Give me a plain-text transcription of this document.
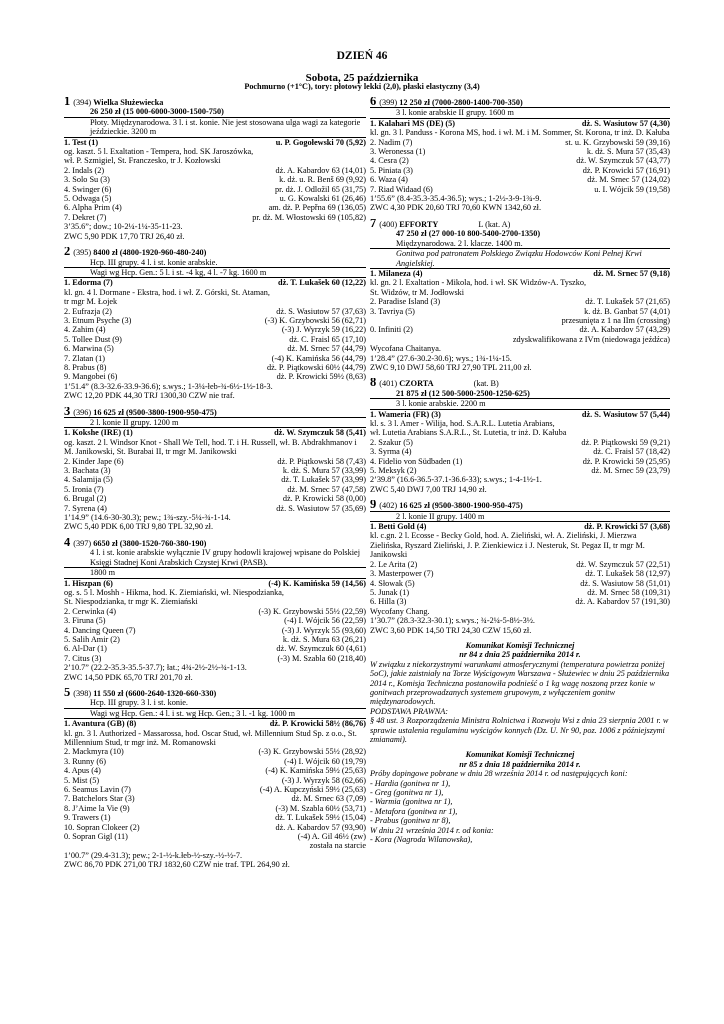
DZIEŃ 46
Sobota, 25 października
Pochmurno (+1°C), tory: płotowy lekki (2,0), płaski elastyczny (3,4)
1 (394) Wielka Służewiecka
26 250 zł (15 000-6000-3000-1500-750)
Płoty. Międzynarodowa. 3 l. i st. konie. Nie jest stosowana ulga wagi za kategorie jeździeckie. 3200 m
1. Test (1)	u. P. Gogołewski 70 (5,92)
og. kaszt. 5 l. Exaltation - Tempera, hod. SK Jaroszówka,
wł. P. Szmigiel, St. Franczesko, tr J. Kozłowski
2. Indals (2)	dż. A. Kabardov 63 (14,01)
3. Solo Su (3)	k. dż. u. R. Benš 69 (9,92)
4. Swinger (6)	pr. dż. J. Odložil 65 (31,75)
5. Odwaga (5)	u. G. Kowalski 61 (26,46)
6. Alpha Prim (4)	am. dż. P. Pepřna 69 (136,05)
7. Dekret (7)	pr. dż. M. Włostowski 69 (105,82)
3’35.6”; dow.; 10-2¼-1¼-35-11-23.
ZWC 5,90 PDK 17,70 TRJ 26,40 zł.
2 (395) 8400 zł (4800-1920-960-480-240)
Hcp. III grupy. 4 l. i st. konie arabskie.
Wagi wg Hcp. Gen.: 5 l. i st. -4 kg, 4 l. -7 kg. 1600 m
1. Edorma (7)	dż. T. Lukašek 60 (12,22)
kl. gn. 4 l. Dormane - Ekstra, hod. i wł. Z. Górski, St. Ataman,
tr mgr M. Łojek
2. Eufrazja (2)	dż. S. Wasiutow 57 (37,63)
3. Etnum Psyche (3)	(-3) K. Grzybowski 56 (62,71)
4. Zahim (4)	(-3) J. Wyrzyk 59 (16,22)
5. Tollee Dust (9)	dż. C. Fraisl 65 (17,10)
6. Marwina (5)	dż. M. Srnec 57 (44,79)
7. Zlatan (1)	(-4) K. Kamińska 56 (44,79)
8. Prabus (8)	dż. P. Piątkowski 60½ (44,79)
9. Mangobei (6)	dż. P. Krowicki 59½ (8,63)
1’51.4” (8.3-32.6-33.9-36.6); s.wys.; 1-3¼-łeb-¾-6½-1½-18-3.
ZWC 12,20 PDK 44,30 TRJ 1300,30 CZW nie traf.
3 (396) 16 625 zł (9500-3800-1900-950-475)
2 l. konie II grupy. 1200 m
1. Kokshe (IRE) (1)	dż. W. Szymczuk 58 (5,41)
og. kaszt. 2 l. Windsor Knot - Shall We Tell, hod. T. i H. Russell, wł. B. Abdrakhmanov i M. Janikowski, St. Burabai II, tr mgr M. Janikowski
2. Kinder Jape (6)	dż. P. Piątkowski 58 (7,43)
3. Bachata (3)	k. dż. S. Mura 57 (33,99)
4. Salamija (5)	dż. T. Lukašek 57 (33,99)
5. Ironia (7)	dż. M. Srnec 57 (47,58)
6. Brugal (2)	dż. P. Krowicki 58 (0,00)
7. Syrena (4)	dż. S. Wasiutow 57 (35,69)
1’14.9” (14.6-30-30.3); pew.; 1¾-szy.-5¼-¾-1-14.
ZWC 5,40 PDK 6,00 TRJ 9,80 TPL 32,90 zł.
4 (397) 6650 zł (3800-1520-760-380-190)
4 l. i st. konie arabskie wyłącznie IV grupy hodowli krajowej wpisane do Polskiej Księgi Stadnej Koni Arabskich Czystej Krwi (PASB).
1800 m
1. Hiszpan (6)	(-4) K. Kamińska 59 (14,56)
og. s. 5 l. Moshh - Hikma, hod. K. Ziemiański, wł. Niespodzianka,
St. Niespodzianka, tr mgr K. Ziemiański
2. Cerwinka (4)	(-3) K. Grzybowski 55½ (22,59)
3. Firuna (5)	(-4) I. Wójcik 56 (22,59)
4. Dancing Queen (7)	(-3) J. Wyrzyk 55 (93,60)
5. Salih Amir (2)	k. dż. S. Mura 63 (26,21)
6. Al-Dar (1)	dż. W. Szymczuk 60 (4,61)
7. Citus (3)	(-3) M. Szabla 60 (218,40)
2’10.7” (22.2-35.3-35.5-37.7); łat.; 4¾-2½-2½-¾-1-13.
ZWC 14,50 PDK 65,70 TRJ 201,70 zł.
5 (398) 11 550 zł (6600-2640-1320-660-330)
Hcp. III grupy. 3 l. i st. konie.
Wagi wg Hcp. Gen.: 4 l. i st. wg Hcp. Gen.; 3 l. -1 kg. 1000 m
1. Avantura (GB) (8)	dż. P. Krowicki 58½ (86,76)
kl. gn. 3 l. Authorized - Massarossa, hod. Oscar Stud, wł. Millennium Stud Sp. z o.o., St. Millennium Stud, tr mgr inż. M. Romanowski
2. Mackmyra (10)	(-3) K. Grzybowski 55½ (28,92)
3. Runny (6)	(-4) I. Wójcik 60 (19,79)
4. Apus (4)	(-4) K. Kamińska 59½ (25,63)
5. Mist (5)	(-3) J. Wyrzyk 58 (62,66)
6. Seamus Lavin (7)	(-4) A. Kupczyński 59½ (25,63)
7. Batchelors Star (3)	dż. M. Srnec 63 (7,09)
8. J’Aime la Vie (9)	(-3) M. Szabla 60½ (53,71)
9. Trawers (1)	dż. T. Lukašek 59½ (15,04)
10. Sopran Clokeer (2)	dż. A. Kabardov 57 (93,90)
0. Sopran Gigl (11)	(-4) A. Gil 46½ (zw)
została na starcie
1’00.7” (29.4-31.3); pew.; 2-1-½-k.łeb-½-szy.-½-½-7.
ZWC 86,70 PDK 271,00 TRJ 1832,60 CZW nie traf. TPL 264,90 zł.
6 (399) 12 250 zł (7000-2800-1400-700-350)
3 l. konie arabskie II grupy. 1600 m
1. Kalahari MS (DE) (5)	dż. S. Wasiutow 57 (4,30)
kl. gn. 3 l. Panduss - Korona MS, hod. i wł. M. i M. Sommer, St. Korona, tr inż. D. Kałuba
2. Nadim (7)	st. u. K. Grzybowski 59 (39,16)
3. Weronessa (1)	k. dż. S. Mura 57 (35,43)
4. Cesra (2)	dż. W. Szymczuk 57 (43,77)
5. Piniata (3)	dż. P. Krowicki 57 (16,91)
6. Waza (4)	dż. M. Srnec 57 (124,02)
7. Riad Widaad (6)	u. I. Wójcik 59 (19,58)
1’55.6” (8.4-35.3-35.4-36.5); wys.; 1-2½-3-9-1¾-9.
ZWC 4,30 PDK 20,60 TRJ 70,60 KWN 1342,60 zł.
7 (400) EFFORTY	L (kat. A)
47 250 zł (27 000-10 800-5400-2700-1350)
Międzynarodowa. 2 l. klacze. 1400 m.
Gonitwa pod patronatem Polskiego Związku Hodowców Koni Pełnej Krwi Angielskiej.
1. Milaneza (4)	dż. M. Srnec 57 (9,18)
kl. gn. 2 l. Exaltation - Mikola, hod. i wł. SK Widzów-A. Tyszko,
St. Widzów, tr M. Jodłowski
2. Paradise Island (3)	dż. T. Lukašek 57 (21,65)
3. Tavriya (5)	k. dż. B. Ganbat 57 (4,01)
przesunięta z 1 na IIm (crossing)
0. Infiniti (2)	dż. A. Kabardov 57 (43,29)
zdyskwalifikowana z IVm (niedowaga jeźdźca)
Wycofana Chaitanya.
1’28.4” (27.6-30.2-30.6); wys.; 1¾-1¼-15.
ZWC 9,10 DWJ 58,60 TRJ 27,90 TPL 211,00 zł.
8 (401) CZORTA	(kat. B)
21 875 zł (12 500-5000-2500-1250-625)
3 l. konie arabskie. 2200 m
1. Wameria (FR) (3)	dż. S. Wasiutow 57 (5,44)
kl. s. 3 l. Amer - Wilija, hod. S.A.R.L. Lutetia Arabians,
wł. Lutetia Arabians S.A.R.L., St. Lutetia, tr inż. D. Kałuba
2. Szakur (5)	dż. P. Piątkowski 59 (9,21)
3. Syrma (4)	dż. C. Fraisl 57 (18,42)
4. Fidelio von Südbaden (1)	dż. P. Krowicki 59 (25,95)
5. Meksyk (2)	dż. M. Srnec 59 (23,79)
2’39.8” (16.6-36.5-37.1-36.6-33); s.wys.; 1-4-1½-1.
ZWC 5,40 DWJ 7,00 TRJ 14,90 zł.
9 (402) 16 625 zł (9500-3800-1900-950-475)
2 l. konie II grupy. 1400 m
1. Betti Gold (4)	dż. P. Krowicki 57 (3,68)
kl. c.gn. 2 l. Ecosse - Becky Gold, hod. A. Zieliński, wł. A. Zieliński, J. Mierzwa Zielińska, Ryszard Zieliński, J. P. Zienkiewicz i J. Nesteruk, St. Pegaz II, tr mgr M. Janikowski
2. Le Arita (2)	dż. W. Szymczuk 57 (22,51)
3. Masterpower (7)	dż. T. Lukašek 58 (12,97)
4. Słowak (5)	dż. S. Wasiutow 58 (51,01)
5. Junak (1)	dż. M. Srnec 58 (109,31)
6. Hilla (3)	dż. A. Kabardov 57 (191,30)
Wycofany Chang.
1’30.7” (28.3-32.3-30.1); s.wys.; ¾-2¼-5-8½-3½.
ZWC 3,60 PDK 14,50 TRJ 24,30 CZW 15,60 zł.
Komunikat Komisji Technicznej
nr 84 z dnia 25 października 2014 r.
W związku z niekorzystnymi warunkami atmosferycznymi (temperatura powietrza poniżej 5oC), jakie zaistniały na Torze Wyścigowym Warszawa - Służewiec w dniu 25 października 2014 r., Komisja Techniczna postanowiła podnieść o 1 kg wagę noszoną przez konie w gonitwach przeprowadzanych systemem grupowym, z wyłączeniem gonitw międzynarodowych.
PODSTAWA PRAWNA:
§ 48 ust. 3 Rozporządzenia Ministra Rolnictwa i Rozwoju Wsi z dnia 23 sierpnia 2001 r. w sprawie ustalenia regulaminu wyścigów konnych (Dz. U. Nr 90, poz. 1006 z późniejszymi zmianami).
Komunikat Komisji Technicznej
nr 85 z dnia 18 października 2014 r.
Próby dopingowe pobrane w dniu 28 września 2014 r. od następujących koni:
- Hardia (gonitwa nr 1),
- Greg (gonitwa nr 1),
- Warmia (gonitwa nr 1),
- Metafora (gonitwa nr 1),
- Prabus (gonitwa nr 8),
W dniu 21 września 2014 r. od konia:
- Kora (Nagroda Wilanowska),
